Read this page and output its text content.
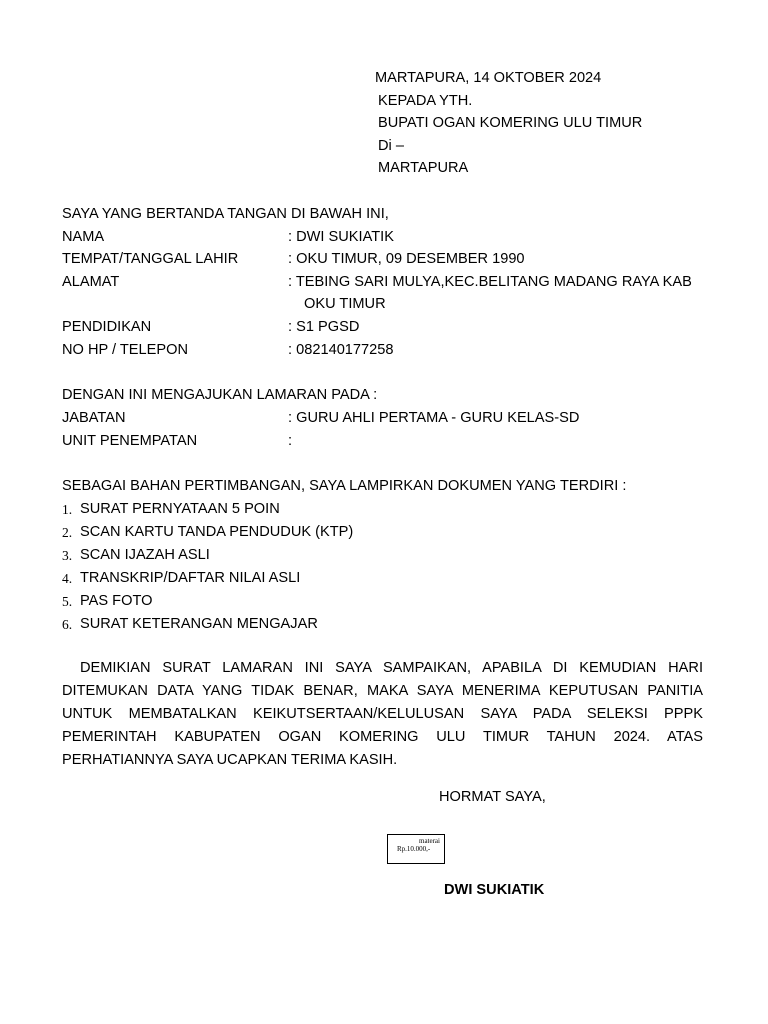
MARTAPURA, 14 OKTOBER 2024
KEPADA YTH.
BUPATI OGAN KOMERING ULU TIMUR
Di –
MARTAPURA
SAYA YANG BERTANDA TANGAN DI BAWAH INI,
NAMA	: DWI SUKIATIK
TEMPAT/TANGGAL LAHIR	: OKU TIMUR, 09 DESEMBER 1990
ALAMAT	: TEBING SARI MULYA,KEC.BELITANG MADANG RAYA KAB
OKU TIMUR
PENDIDIKAN	: S1 PGSD
NO HP / TELEPON	: 082140177258
DENGAN INI MENGAJUKAN LAMARAN PADA :
JABATAN	: GURU AHLI PERTAMA - GURU KELAS-SD
UNIT PENEMPATAN	:
SEBAGAI BAHAN PERTIMBANGAN, SAYA LAMPIRKAN DOKUMEN YANG TERDIRI :
1. SURAT PERNYATAAN 5 POIN
2. SCAN KARTU TANDA PENDUDUK (KTP)
3. SCAN IJAZAH ASLI
4. TRANSKRIP/DAFTAR NILAI ASLI
5. PAS FOTO
6. SURAT KETERANGAN MENGAJAR

DEMIKIAN SURAT LAMARAN INI SAYA SAMPAIKAN, APABILA DI KEMUDIAN HARI DITEMUKAN DATA YANG TIDAK BENAR, MAKA SAYA MENERIMA KEPUTUSAN PANITIA UNTUK MEMBATALKAN KEIKUTSERTAAN/KELULUSAN SAYA PADA SELEKSI PPPK PEMERINTAH KABUPATEN OGAN KOMERING ULU TIMUR TAHUN 2024. ATAS PERHATIANNYA SAYA UCAPKAN TERIMA KASIH.

HORMAT SAYA,
materai
Rp.10.000,-
DWI SUKIATIK
